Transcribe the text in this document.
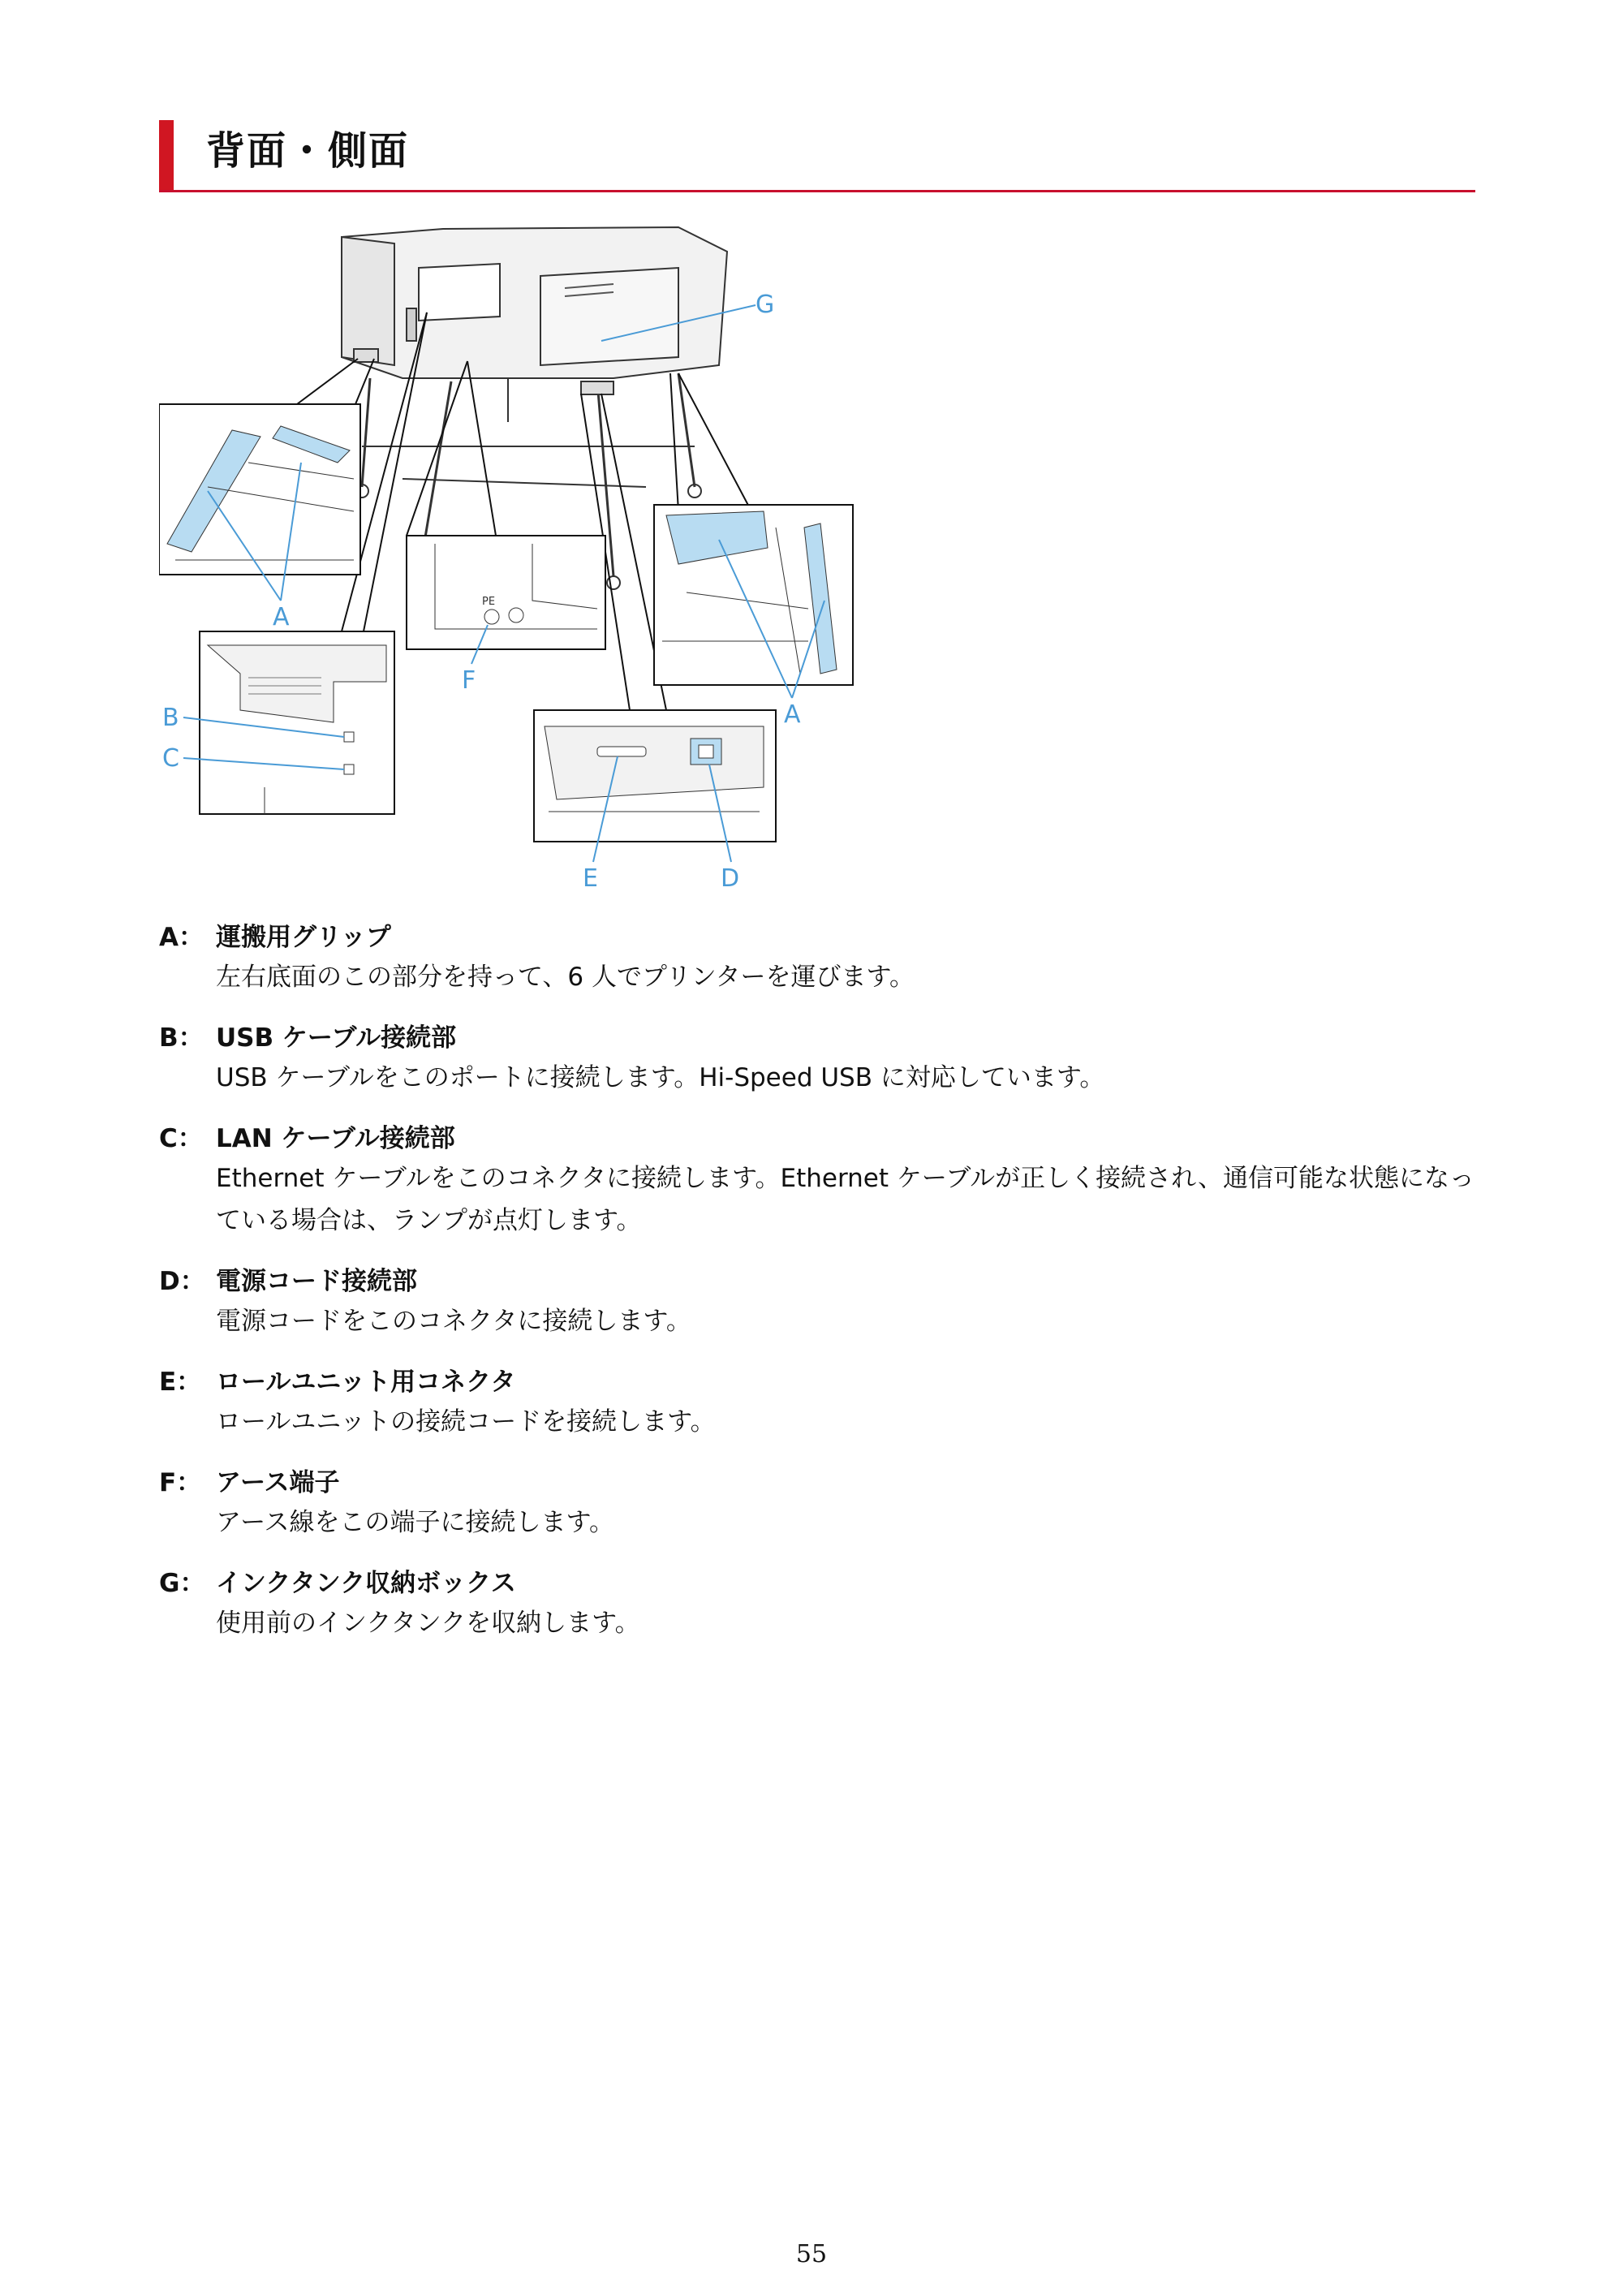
背面・側面
G
A
B
C
PE
F
A
E	D
A： 運搬用グリップ
左右底面のこの部分を持って、6 人でプリンターを運びます。
B： USB ケーブル接続部
USB ケーブルをこのポートに接続します。Hi-Speed USB に対応しています。
C： LAN ケーブル接続部
Ethernet ケーブルをこのコネクタに接続します。Ethernet ケーブルが正しく接続され、通信可能な状態になっている場合は、ランプが点灯します。
D： 電源コード接続部
電源コードをこのコネクタに接続します。
E： ロールユニット用コネクタ
ロールユニットの接続コードを接続します。
F： アース端子
アース線をこの端子に接続します。
G： インクタンク収納ボックス
使用前のインクタンクを収納します。
55
